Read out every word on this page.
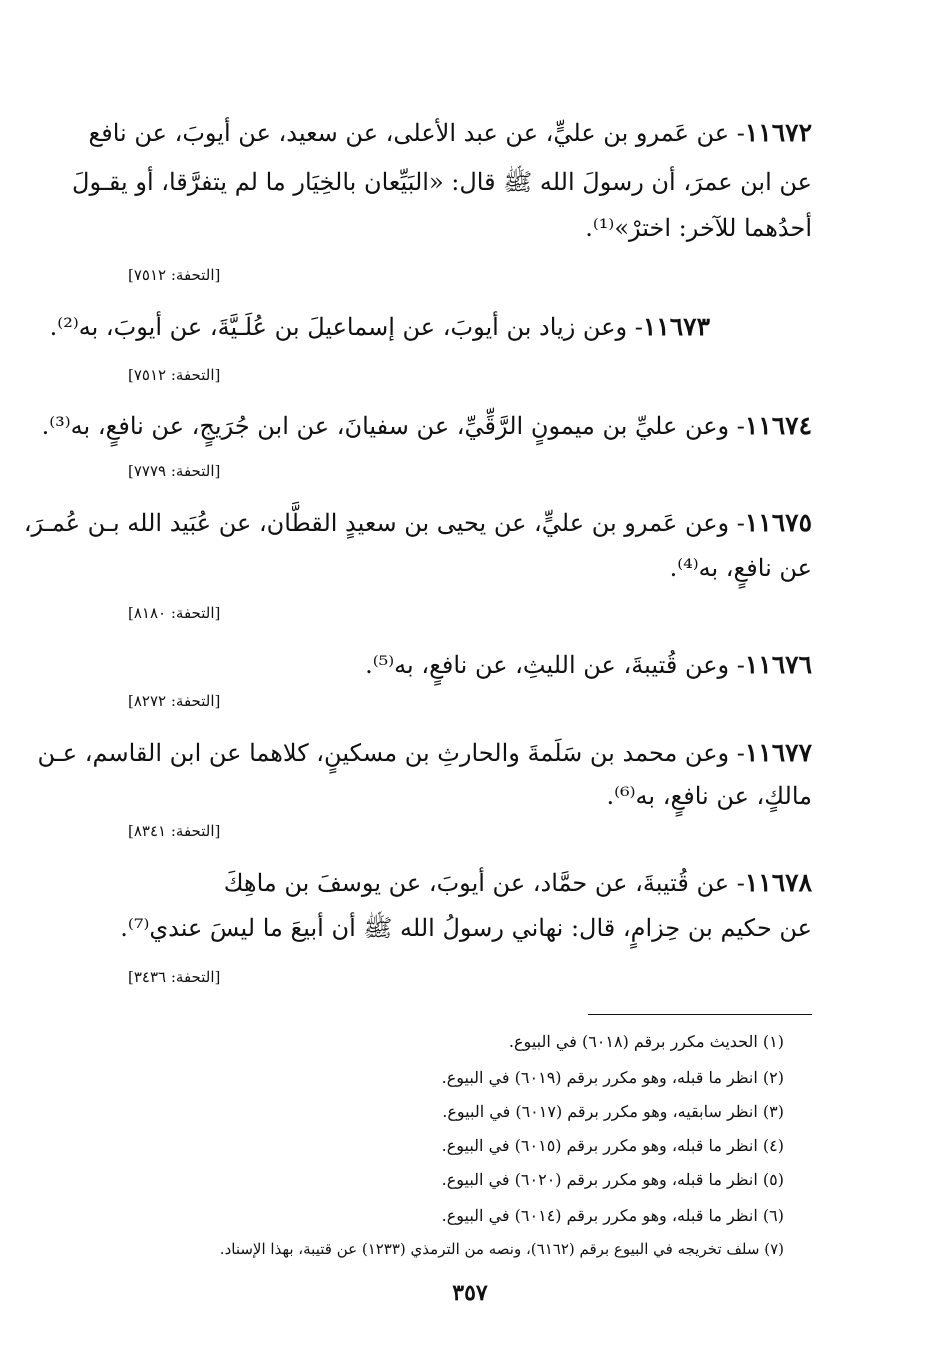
١١٦٧٢- عن عَمرو بن عليٍّ، عن عبد الأعلى، عن سعيد، عن أيوبَ، عن نافع
عن ابن عمرَ، أن رسولَ الله ﷺ قال: «البَيِّعان بالخِيَار ما لم يتفرَّقا، أو يقـولَ
أحدُهما للآخر: اخترْ»⁽¹⁾.
[التحفة: ٧٥١٢]
١١٦٧٣- وعن زياد بن أيوبَ، عن إسماعيلَ بن عُلَـيَّةَ، عن أيوبَ، به⁽²⁾.
[التحفة: ٧٥١٢]
١١٦٧٤- وعن عليِّ بن ميمونٍ الرَّقِّيِّ، عن سفيانَ، عن ابن جُرَيجٍ، عن نافعٍ، به⁽³⁾.
[التحفة: ٧٧٧٩]
١١٦٧٥- وعن عَمرو بن عليٍّ، عن يحيى بن سعيدٍ القطَّان، عن عُبَيد الله بـن عُمـرَ،
عن نافعٍ، به⁽⁴⁾.
[التحفة: ٨١٨٠]
١١٦٧٦- وعن قُتيبةَ، عن الليثِ، عن نافعٍ، به⁽⁵⁾.
[التحفة: ٨٢٧٢]
١١٦٧٧- وعن محمد بن سَلَمةَ والحارثِ بن مسكينٍ، كلاهما عن ابن القاسم، عـن
مالكٍ، عن نافعٍ، به⁽⁶⁾.
[التحفة: ٨٣٤١]
١١٦٧٨- عن قُتيبةَ، عن حمَّاد، عن أيوبَ، عن يوسفَ بن ماهِكَ
عن حكيم بن حِزامٍ، قال: نهاني رسولُ الله ﷺ أن أبيعَ ما ليسَ عندي⁽⁷⁾.
[التحفة: ٣٤٣٦]
(١) الحديث مكرر برقم (٦٠١٨) في البيوع.
(٢) انظر ما قبله، وهو مكرر برقم (٦٠١٩) في البيوع.
(٣) انظر سابقيه، وهو مكرر برقم (٦٠١٧) في البيوع.
(٤) انظر ما قبله، وهو مكرر برقم (٦٠١٥) في البيوع.
(٥) انظر ما قبله، وهو مكرر برقم (٦٠٢٠) في البيوع.
(٦) انظر ما قبله، وهو مكرر برقم (٦٠١٤) في البيوع.
(٧) سلف تخريجه في البيوع برقم (٦١٦٢)، ونصه من الترمذي (١٢٣٣) عن قتيبة، بهذا الإسناد.
٣٥٧
